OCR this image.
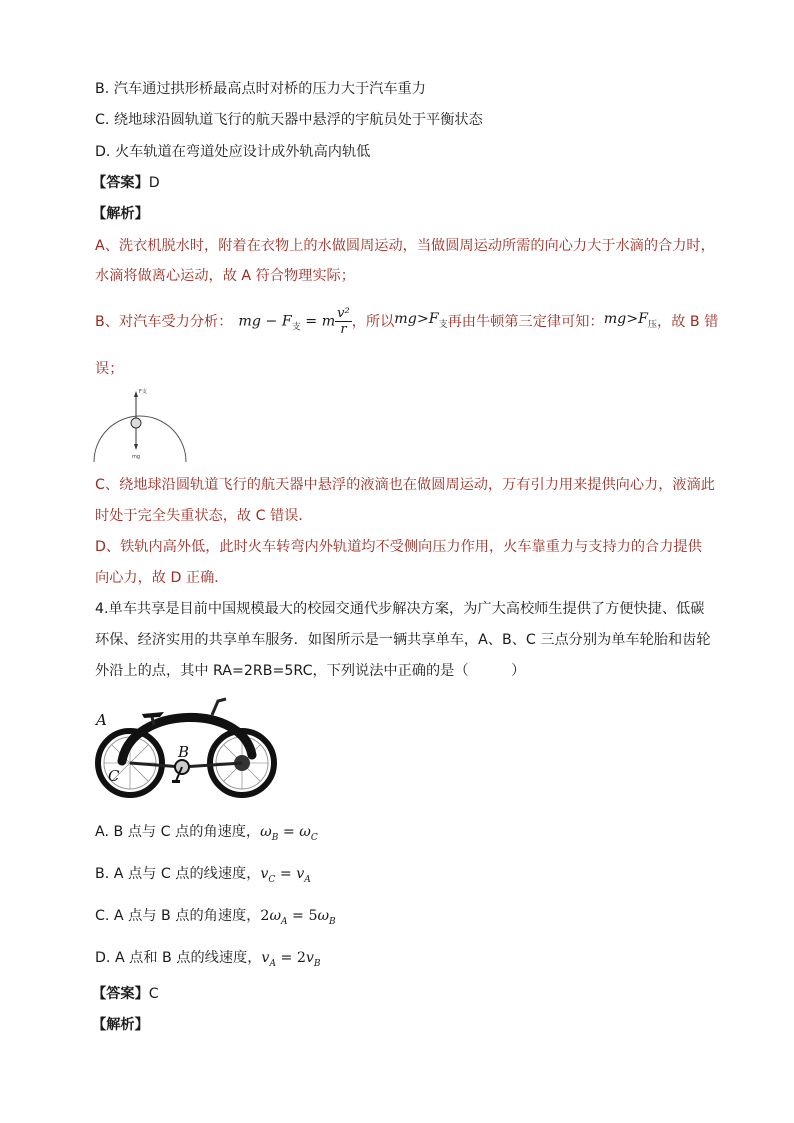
B. 汽车通过拱形桥最高点时对桥的压力大于汽车重力
C. 绕地球沿圆轨道飞行的航天器中悬浮的宇航员处于平衡状态
D. 火车轨道在弯道处应设计成外轨高内轨低
【答案】D
【解析】
A、洗衣机脱水时，附着在衣物上的水做圆周运动，当做圆周运动所需的向心力大于水滴的合力时，
水滴将做离心运动，故 A 符合物理实际；
B、对汽车受力分析： mg − $F_支 = m \frac{\text{v²}}{r}$ ，所以 $mg>F_支$ 再由牛顿第三定律可知： $mg>F_压$ ，故 B 错
误；
F支
mg
C、绕地球沿圆轨道飞行的航天器中悬浮的液滴也在做圆周运动，万有引力用来提供向心力，液滴此
时处于完全失重状态，故 C 错误．
D、铁轨内高外低，此时火车转弯内外轨道均不受侧向压力作用，火车靠重力与支持力的合力提供
向心力，故 D 正确．
4.单车共享是目前中国规模最大的校园交通代步解决方案，为广大高校师生提供了方便快捷、低碳
环保、经济实用的共享单车服务．如图所示是一辆共享单车，A、B、C 三点分别为单车轮胎和齿轮
外沿上的点，其中 RA=2RB=5RC，下列说法中正确的是（　　　）
A
B
C
A. B 点与 C 点的角速度，$\omega_B = \omega_C$
B. A 点与 C 点的线速度，$v_C = v_A$
C. A 点与 B 点的角速度，$2\omega_A = 5\omega_B$
D. A 点和 B 点的线速度，$v_A = 2v_B$
【答案】C
【解析】
